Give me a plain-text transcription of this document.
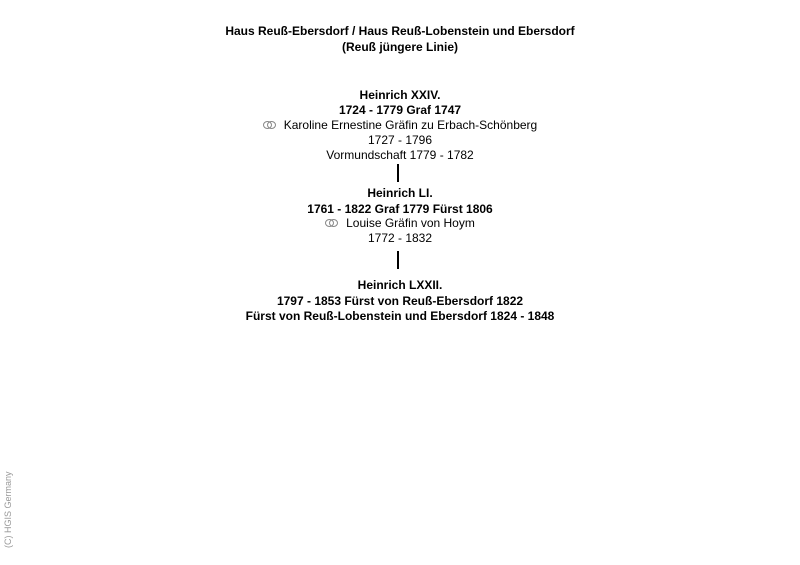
Haus Reuß-Ebersdorf / Haus Reuß-Lobenstein und Ebersdorf
(Reuß jüngere Linie)
Heinrich XXIV.
1724 - 1779 Graf 1747
Karoline Ernestine Gräfin zu Erbach-Schönberg
1727 - 1796
Vormundschaft 1779 - 1782
Heinrich LI.
1761 - 1822 Graf 1779 Fürst 1806
Louise Gräfin von Hoym
1772 - 1832
Heinrich LXXII.
1797 - 1853 Fürst von Reuß-Ebersdorf 1822
Fürst von Reuß-Lobenstein und Ebersdorf 1824 - 1848
(C) HGIS Germany
